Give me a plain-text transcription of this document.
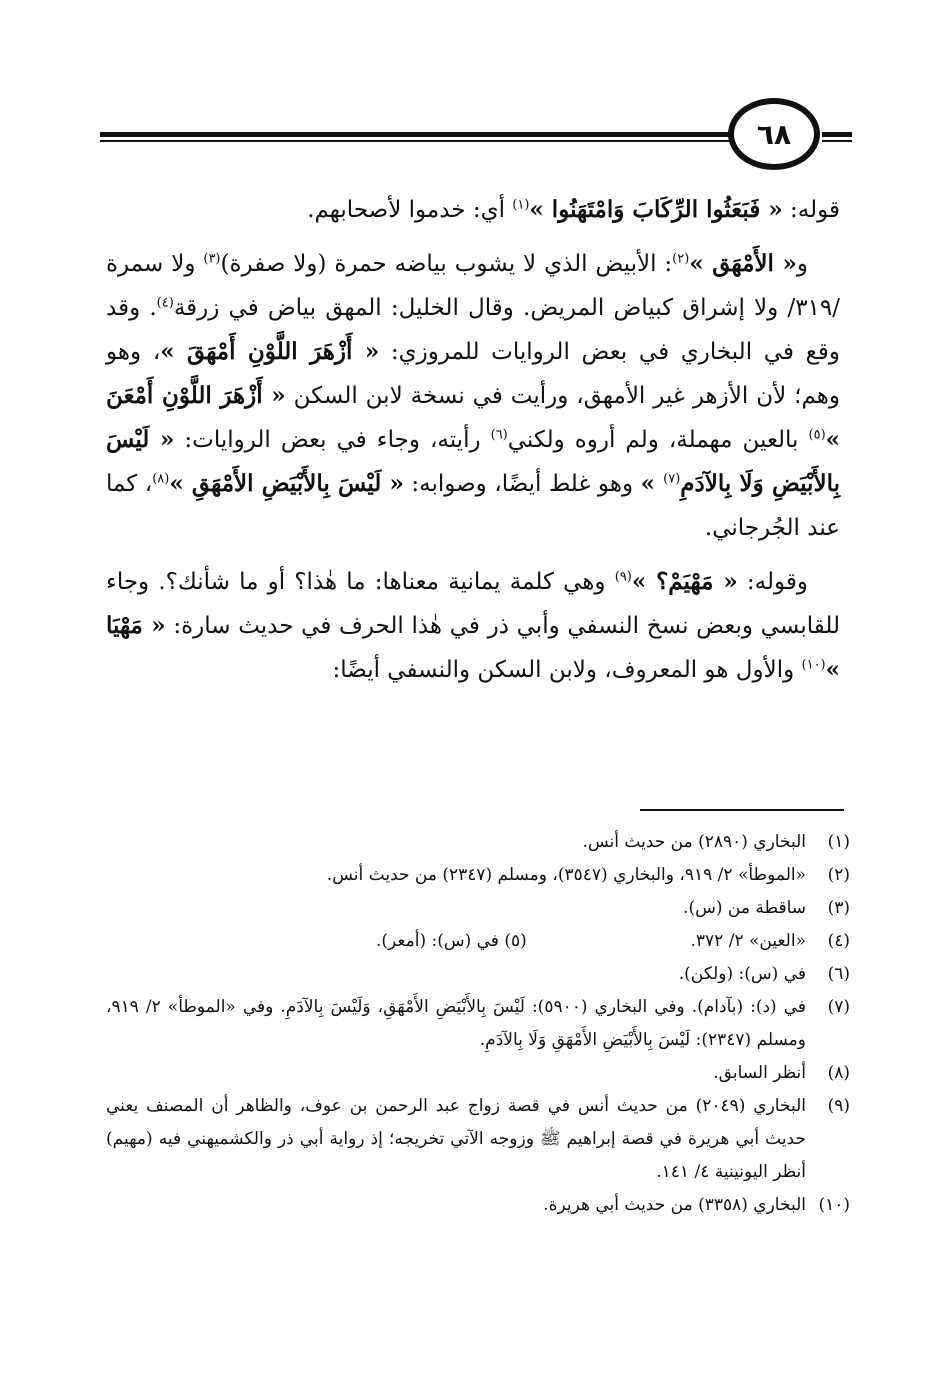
٦٨

قوله: « فَبَعَثُوا الرِّكَابَ وَامْتَهَنُوا »$^{(١)}$ أي: خدموا لأصحابهم.

و« الأَمْهَق »$^{(٢)}$: الأبيض الذي لا يشوب بياضه حمرة (ولا صفرة)$^{(٣)}$ ولا سمرة /٣١٩/ ولا إشراق كبياض المريض. وقال الخليل: المهق بياض في زرقة$^{(٤)}$. وقد وقع في البخاري في بعض الروايات للمروزي: « أَزْهَرَ اللَّوْنِ أَمْهَقَ »، وهو وهم؛ لأن الأزهر غير الأمهق، ورأيت في نسخة لابن السكن « أَزْهَرَ اللَّوْنِ أَمْعَنَ »$^{(٥)}$ بالعين مهملة، ولم أروه ولكني$^{(٦)}$ رأيته، وجاء في بعض الروايات: « لَيْسَ بِالأَبْيَضِ وَلَا بِالآدَمِ$^{(٧)}$ » وهو غلط أيضًا، وصوابه: « لَيْسَ بِالأَبْيَضِ الأَمْهَقِ »$^{(٨)}$، كما عند الجُرجاني.

وقوله: « مَهْيَمْ؟ »$^{(٩)}$ وهي كلمة يمانية معناها: ما هٰذا؟ أو ما شأنك؟. وجاء للقابسي وبعض نسخ النسفي وأبي ذر في هٰذا الحرف في حديث سارة: « مَهْيَا »$^{(١٠)}$ والأول هو المعروف، ولابن السكن والنسفي أيضًا:

(١)
البخاري (٢٨٩٠) من حديث أنس.
(٢)
«الموطأ» ٢/ ٩١٩، والبخاري (٣٥٤٧)، ومسلم (٢٣٤٧) من حديث أنس.
(٣)
ساقطة من (س).
(٤)
«العين» ٢/ ٣٧٢.
(٥) في (س): (أمعر).
(٦)
في (س): (ولكن).
(٧)
في (د): (بآدام). وفي البخاري (٥٩٠٠): لَيْسَ بِالأَبْيَضِ الأَمْهَقِ، وَلَيْسَ بِالآدَمِ. وفي «الموطأ» ٢/ ٩١٩، ومسلم (٢٣٤٧): لَيْسَ بِالأَبْيَضِ الأَمْهَقِ وَلَا بِالآدَمِ.
(٨)
أنظر السابق.
(٩)
البخاري (٢٠٤٩) من حديث أنس في قصة زواج عبد الرحمن بن عوف، والظاهر أن المصنف يعني حديث أبي هريرة في قصة إبراهيم ﷺ وزوجه الآتي تخريجه؛ إذ رواية أبي ذر والكشميهني فيه (مهيم) أنظر اليونينية ٤/ ١٤١.
(١٠)
البخاري (٣٣٥٨) من حديث أبي هريرة.
